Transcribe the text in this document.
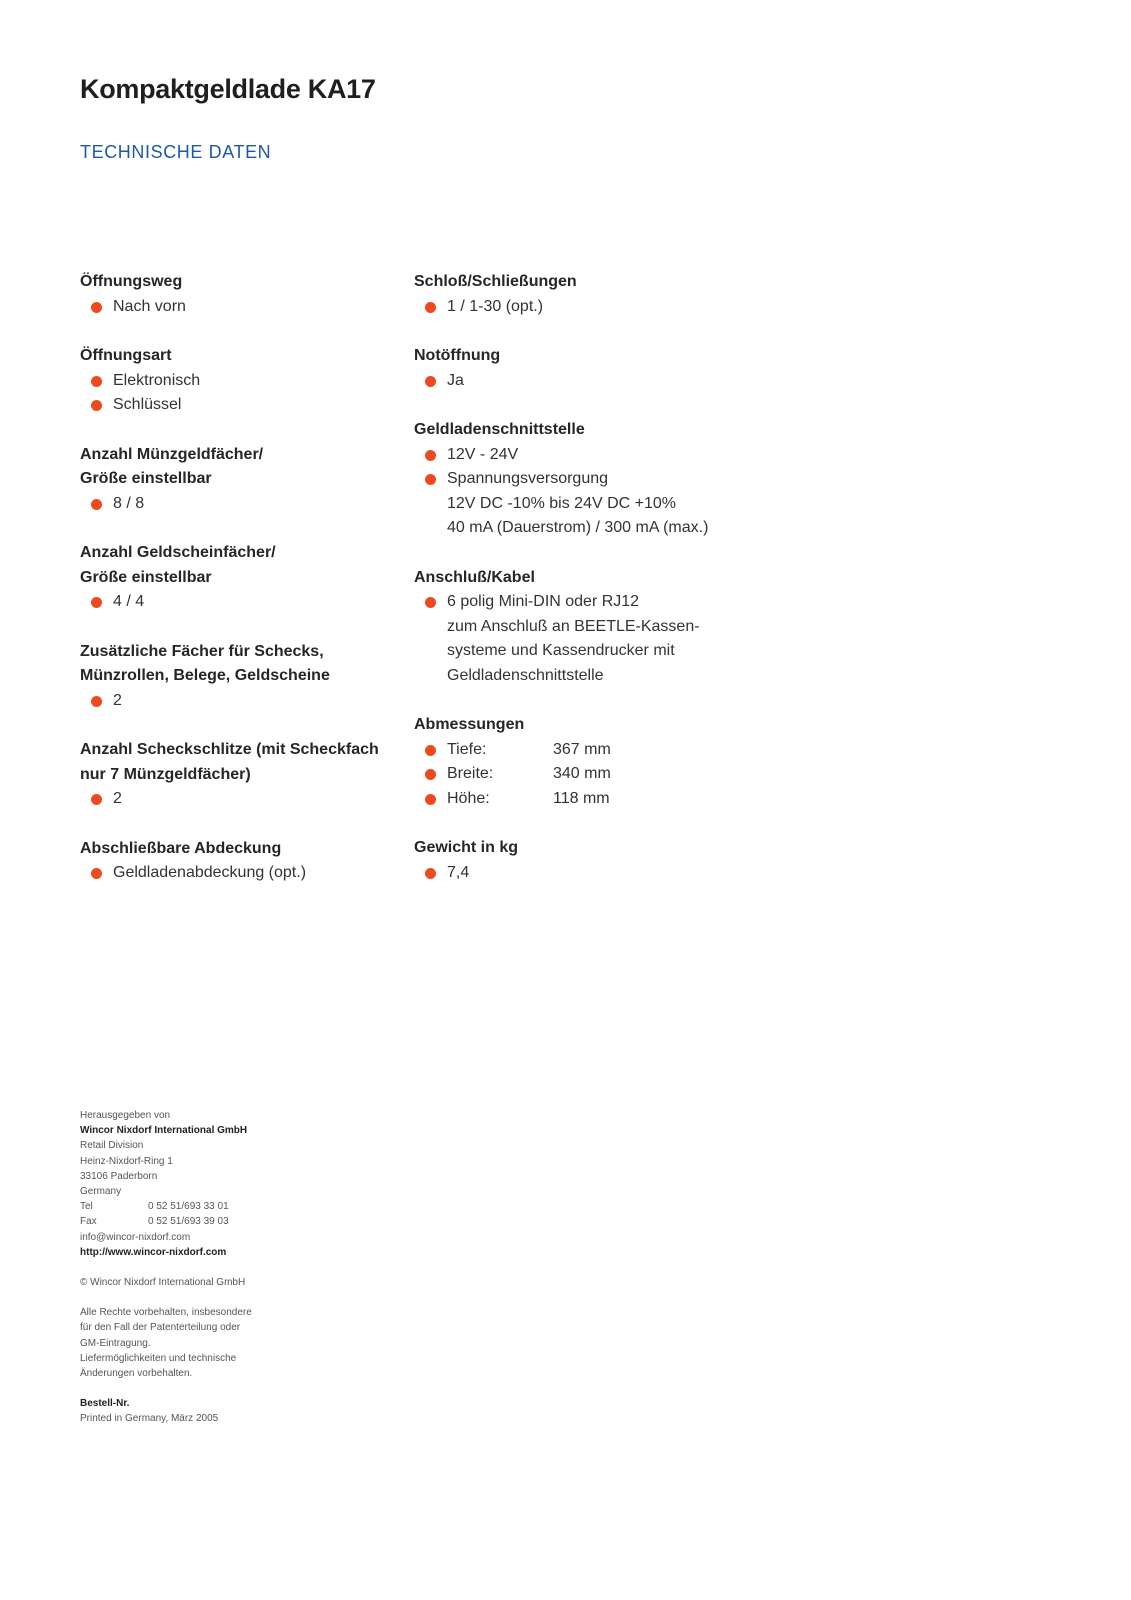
Kompaktgeldlade KA17
TECHNISCHE DATEN
Öffnungsweg
Nach vorn
Öffnungsart
Elektronisch
Schlüssel
Anzahl Münzgeldfächer/
Größe einstellbar
8 / 8
Anzahl Geldscheinfächer/
Größe einstellbar
4 / 4
Zusätzliche Fächer für Schecks,
Münzrollen, Belege, Geldscheine
2
Anzahl Scheckschlitze (mit Scheckfach
nur 7 Münzgeldfächer)
2
Abschließbare Abdeckung
Geldladenabdeckung (opt.)
Schloß/Schließungen
1 / 1-30 (opt.)
Notöffnung
Ja
Geldladenschnittstelle
12V - 24V
Spannungsversorgung
12V DC -10% bis 24V DC +10%
40 mA (Dauerstrom) / 300 mA (max.)
Anschluß/Kabel
6 polig Mini-DIN oder RJ12
zum Anschluß an BEETLE-Kassen-
systeme und Kassendrucker mit
Geldladenschnittstelle
Abmessungen
Tiefe:	367 mm
Breite:	340 mm
Höhe:	118 mm
Gewicht in kg
7,4
Herausgegeben von
Wincor Nixdorf International GmbH
Retail Division
Heinz-Nixdorf-Ring 1
33106 Paderborn
Germany
Tel	0 52 51/693 33 01
Fax	0 52 51/693 39 03
info@wincor-nixdorf.com
http://www.wincor-nixdorf.com
© Wincor Nixdorf International GmbH
Alle Rechte vorbehalten, insbesondere
für den Fall der Patenterteilung oder
GM-Eintragung.
Liefermöglichkeiten und technische
Änderungen vorbehalten.
Bestell-Nr.
Printed in Germany, März 2005
